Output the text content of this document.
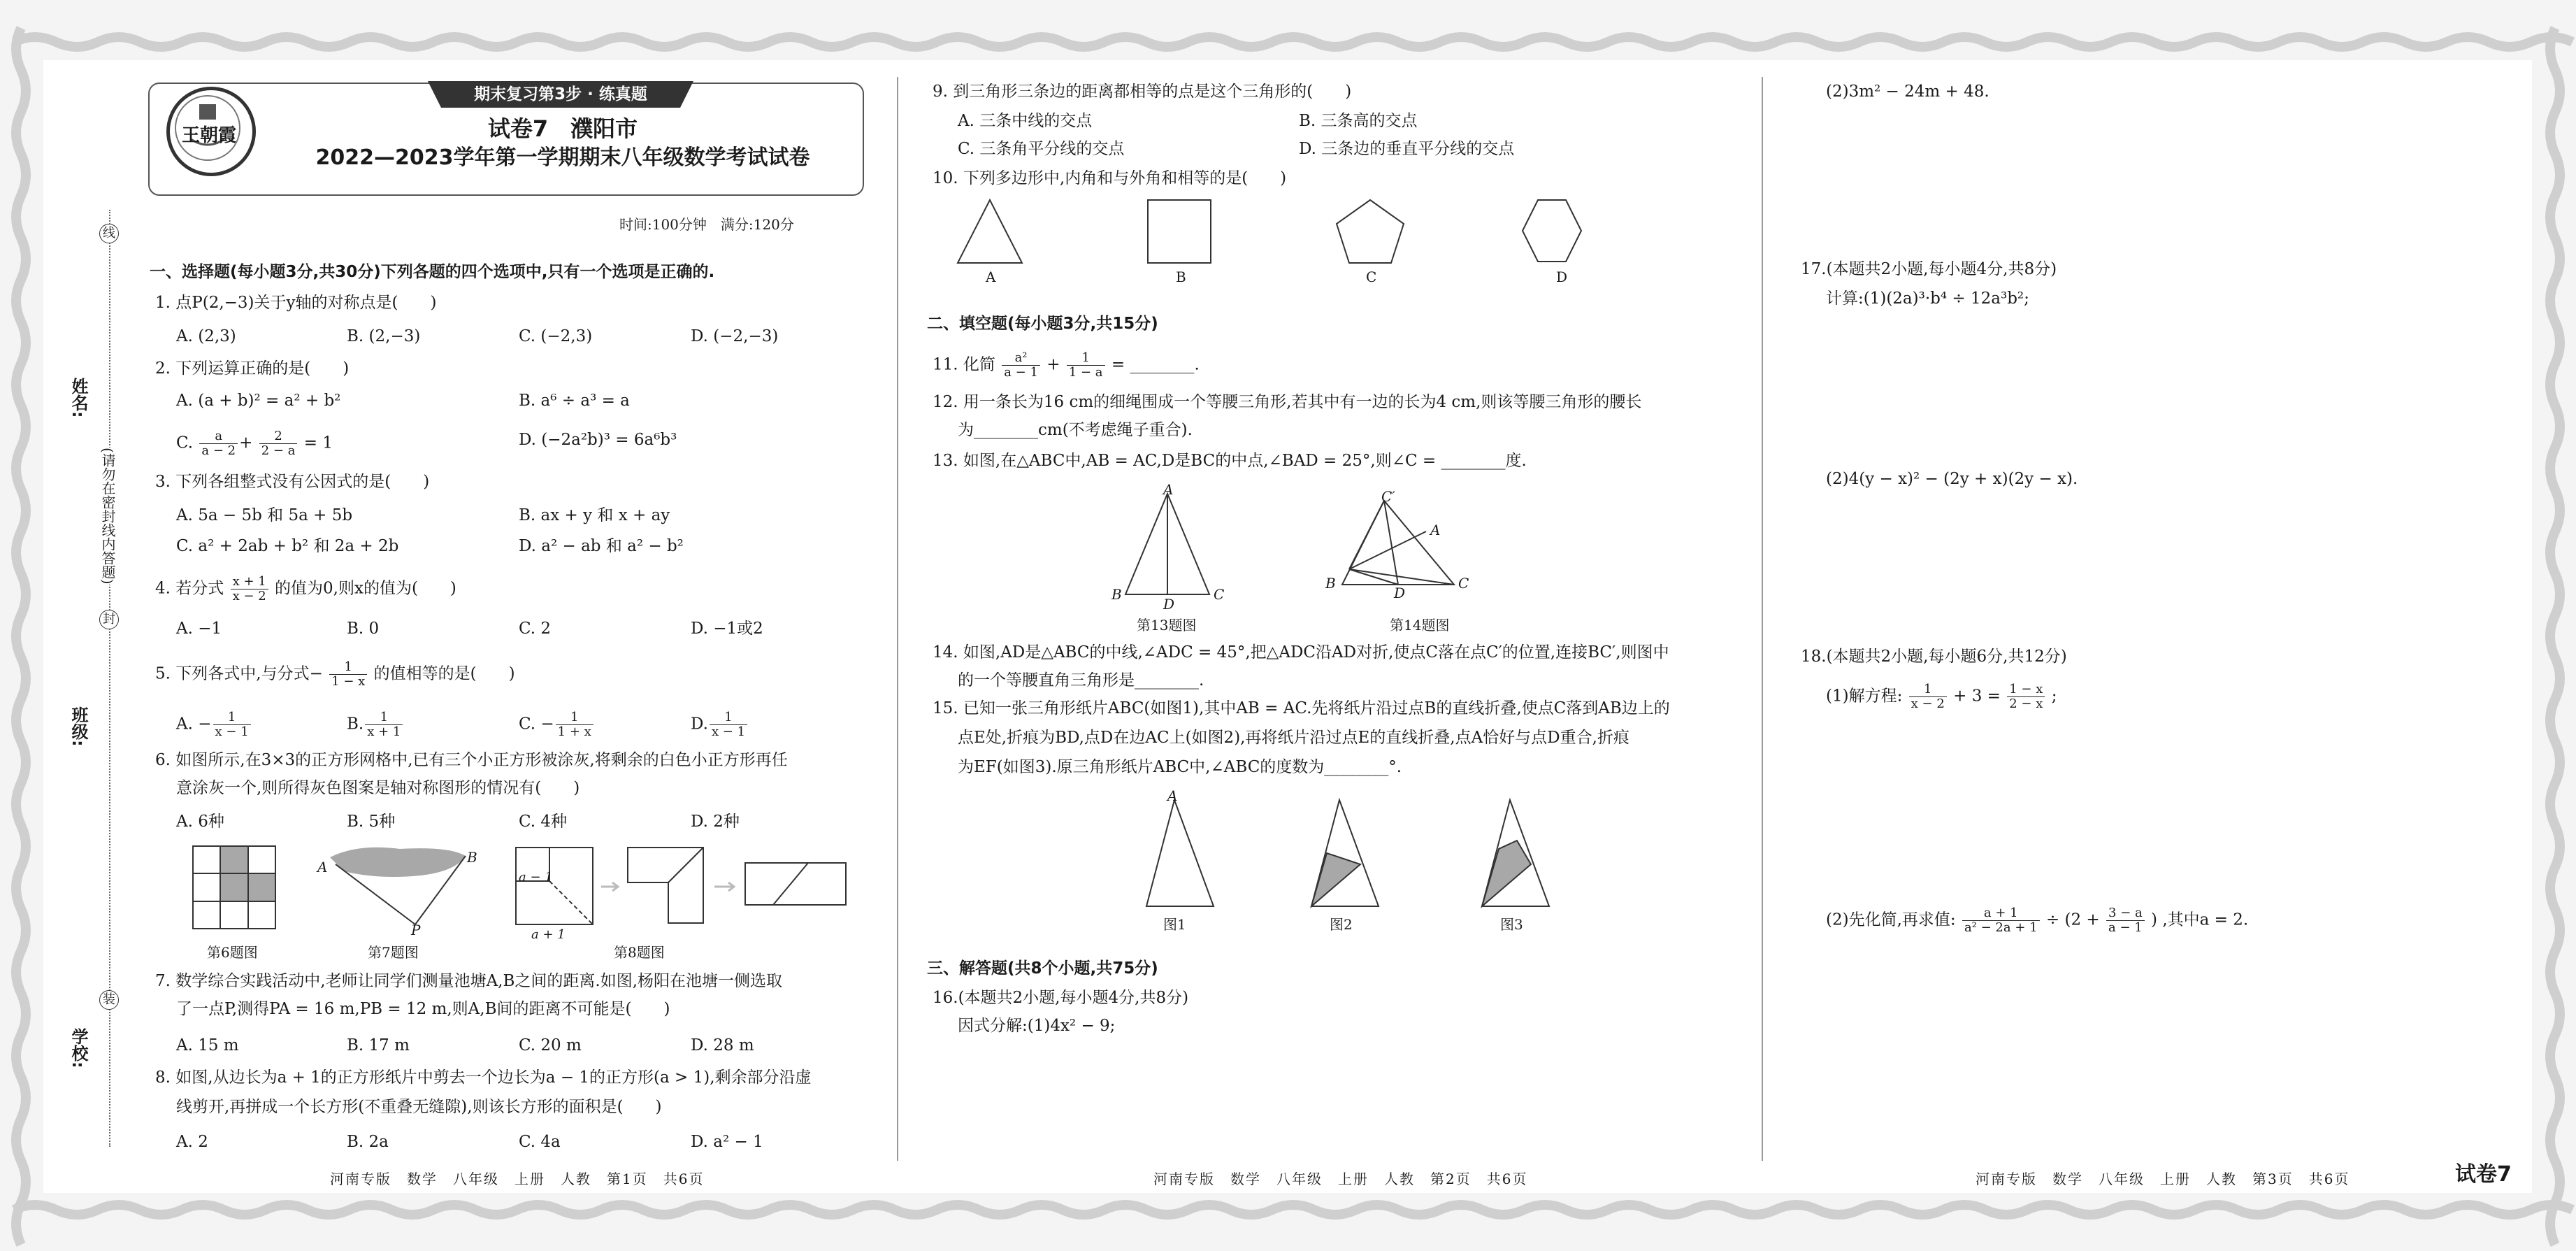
姓名:
班级:
学校:
(请勿在密封线内答题)
线
封
装
期末复习第3步 · 练真题
王朝霞	试卷7　濮阳市
2022—2023学年第一学期期末八年级数学考试试卷
时间:100分钟　满分:120分
一、选择题(每小题3分,共30分)下列各题的四个选项中,只有一个选项是正确的.
1. 点P(2,−3)关于y轴的对称点是(　　)
A. (2,3)	B. (2,−3)	C. (−2,3)	D. (−2,−3)
2. 下列运算正确的是(　　)
A. (a + b)² = a² + b²	B. a⁶ ÷ a³ = a
C. $\frac{a}{a - 2} + \frac{2}{2 - a} = 1$	D. (−2a²b)³ = 6a⁶b³
3. 下列各组整式没有公因式的是(　　)
A. 5a − 5b 和 5a + 5b	B. ax + y 和 x + ay
C. a² + 2ab + b² 和 2a + 2b	D. a² − ab 和 a² − b²
4. 若分式 $\frac{x + 1}{x - 2}$ 的值为0,则x的值为(　　)
A. −1	B. 0	C. 2	D. −1或2
5. 下列各式中,与分式− $\frac{1}{1 - x}$ 的值相等的是(　　)
A. − $\frac{1}{x - 1}$	B. $\frac{1}{x + 1}$	C. − $\frac{1}{1 + x}$	D. $\frac{1}{x - 1}$
6. 如图所示,在3×3的正方形网格中,已有三个小正方形被涂灰,将剩余的白色小正方形再任
意涂灰一个,则所得灰色图案是轴对称图形的情况有(　　)
A. 6种	B. 5种	C. 4种	D. 2种
A
B
P
a − 1
a + 1
第6题图	第7题图	第8题图
7. 数学综合实践活动中,老师让同学们测量池塘A,B之间的距离.如图,杨阳在池塘一侧选取
了一点P,测得PA = 16 m,PB = 12 m,则A,B间的距离不可能是(　　)
A. 15 m	B. 17 m	C. 20 m	D. 28 m
8. 如图,从边长为a + 1的正方形纸片中剪去一个边长为a − 1的正方形(a > 1),剩余部分沿虚
线剪开,再拼成一个长方形(不重叠无缝隙),则该长方形的面积是(　　)
A. 2	B. 2a	C. 4a	D. a² − 1
9. 到三角形三条边的距离都相等的点是这个三角形的(　　)
A. 三条中线的交点	B. 三条高的交点
C. 三条角平分线的交点	D. 三条边的垂直平分线的交点
10. 下列多边形中,内角和与外角和相等的是(　　)
A	B	C	D
二、填空题(每小题3分,共15分)
11. 化简 $\frac{\text{a²}}{a - 1} + \frac{1}{1 - a}$ = ________.
12. 用一条长为16 cm的细绳围成一个等腰三角形,若其中有一边的长为4 cm,则该等腰三角形的腰长
为________cm(不考虑绳子重合).
13. 如图,在△ABC中,AB = AC,D是BC的中点,∠BAD = 25°,则∠C = ________度.
A
B
D
C
C′
A
B
D
C
第13题图	第14题图
14. 如图,AD是△ABC的中线,∠ADC = 45°,把△ADC沿AD对折,使点C落在点C′的位置,连接BC′,则图中
的一个等腰直角三角形是________.
15. 已知一张三角形纸片ABC(如图1),其中AB = AC.先将纸片沿过点B的直线折叠,使点C落到AB边上的
点E处,折痕为BD,点D在边AC上(如图2),再将纸片沿过点E的直线折叠,点A恰好与点D重合,折痕
为EF(如图3).原三角形纸片ABC中,∠ABC的度数为________°.
A
图1	图2	图3
三、解答题(共8个小题,共75分)
16.(本题共2小题,每小题4分,共8分)
因式分解:(1)4x² − 9;
(2)3m² − 24m + 48.
17.(本题共2小题,每小题4分,共8分)
计算:(1)(2a)³·b⁴ ÷ 12a³b²;
(2)4(y − x)² − (2y + x)(2y − x).
18.(本题共2小题,每小题6分,共12分)
(1)解方程: $\frac{1}{x - 2} + 3 = \frac{1 - x}{2 - x}$ ;
(2)先化简,再求值: $\frac{a + 1}{\text{a² − 2a + 1}} \div (2 + \frac{3 - a}{a - 1}$ ) ,其中a = 2.
河南专版　数学　八年级　上册　人教　第1页　共6页	河南专版　数学　八年级　上册　人教　第2页　共6页	河南专版　数学　八年级　上册　人教　第3页　共6页	试卷7
